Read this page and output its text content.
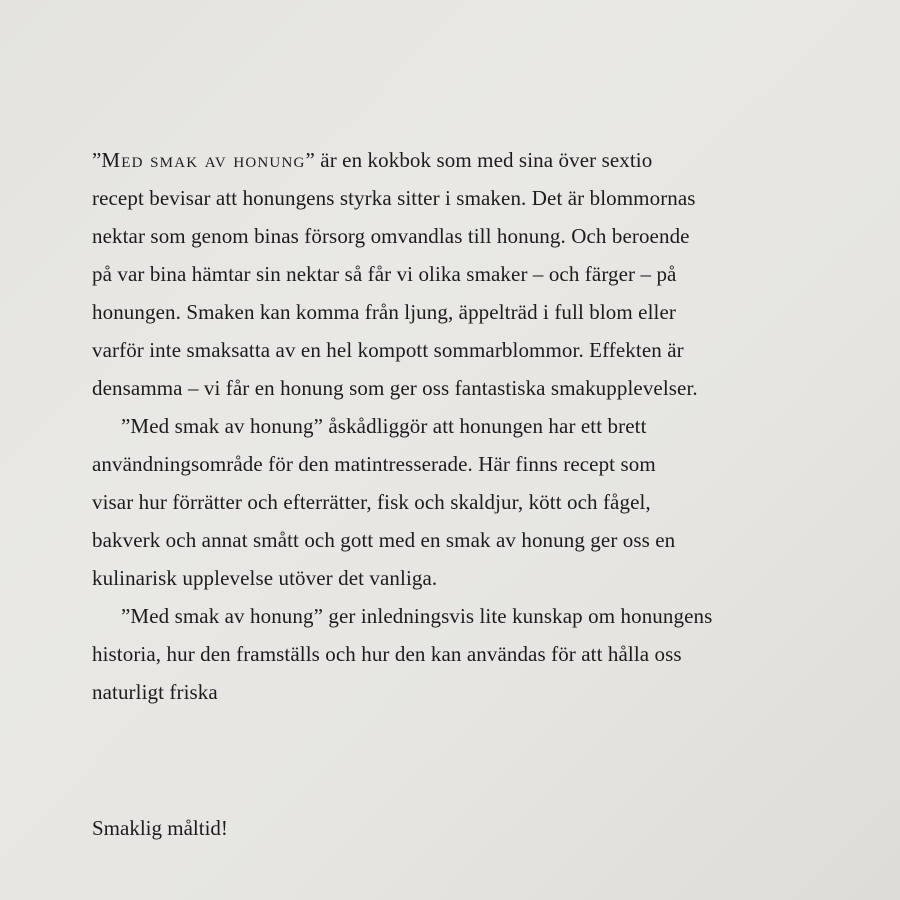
”Med smak av honung” är en kokbok som med sina över sextio
recept bevisar att honungens styrka sitter i smaken. Det är blommornas
nektar som genom binas försorg omvandlas till honung. Och beroende
på var bina hämtar sin nektar så får vi olika smaker – och färger – på
honungen. Smaken kan komma från ljung, äppelträd i full blom eller
varför inte smaksatta av en hel kompott sommarblommor. Effekten är
densamma – vi får en honung som ger oss fantastiska smakupplevelser.
”Med smak av honung” åskådliggör att honungen har ett brett
användningsområde för den matintresserade. Här finns recept som
visar hur förrätter och efterrätter, fisk och skaldjur, kött och fågel,
bakverk och annat smått och gott med en smak av honung ger oss en
kulinarisk upplevelse utöver det vanliga.
”Med smak av honung” ger inledningsvis lite kunskap om honungens
historia, hur den framställs och hur den kan användas för att hålla oss
naturligt friska
Smaklig måltid!
